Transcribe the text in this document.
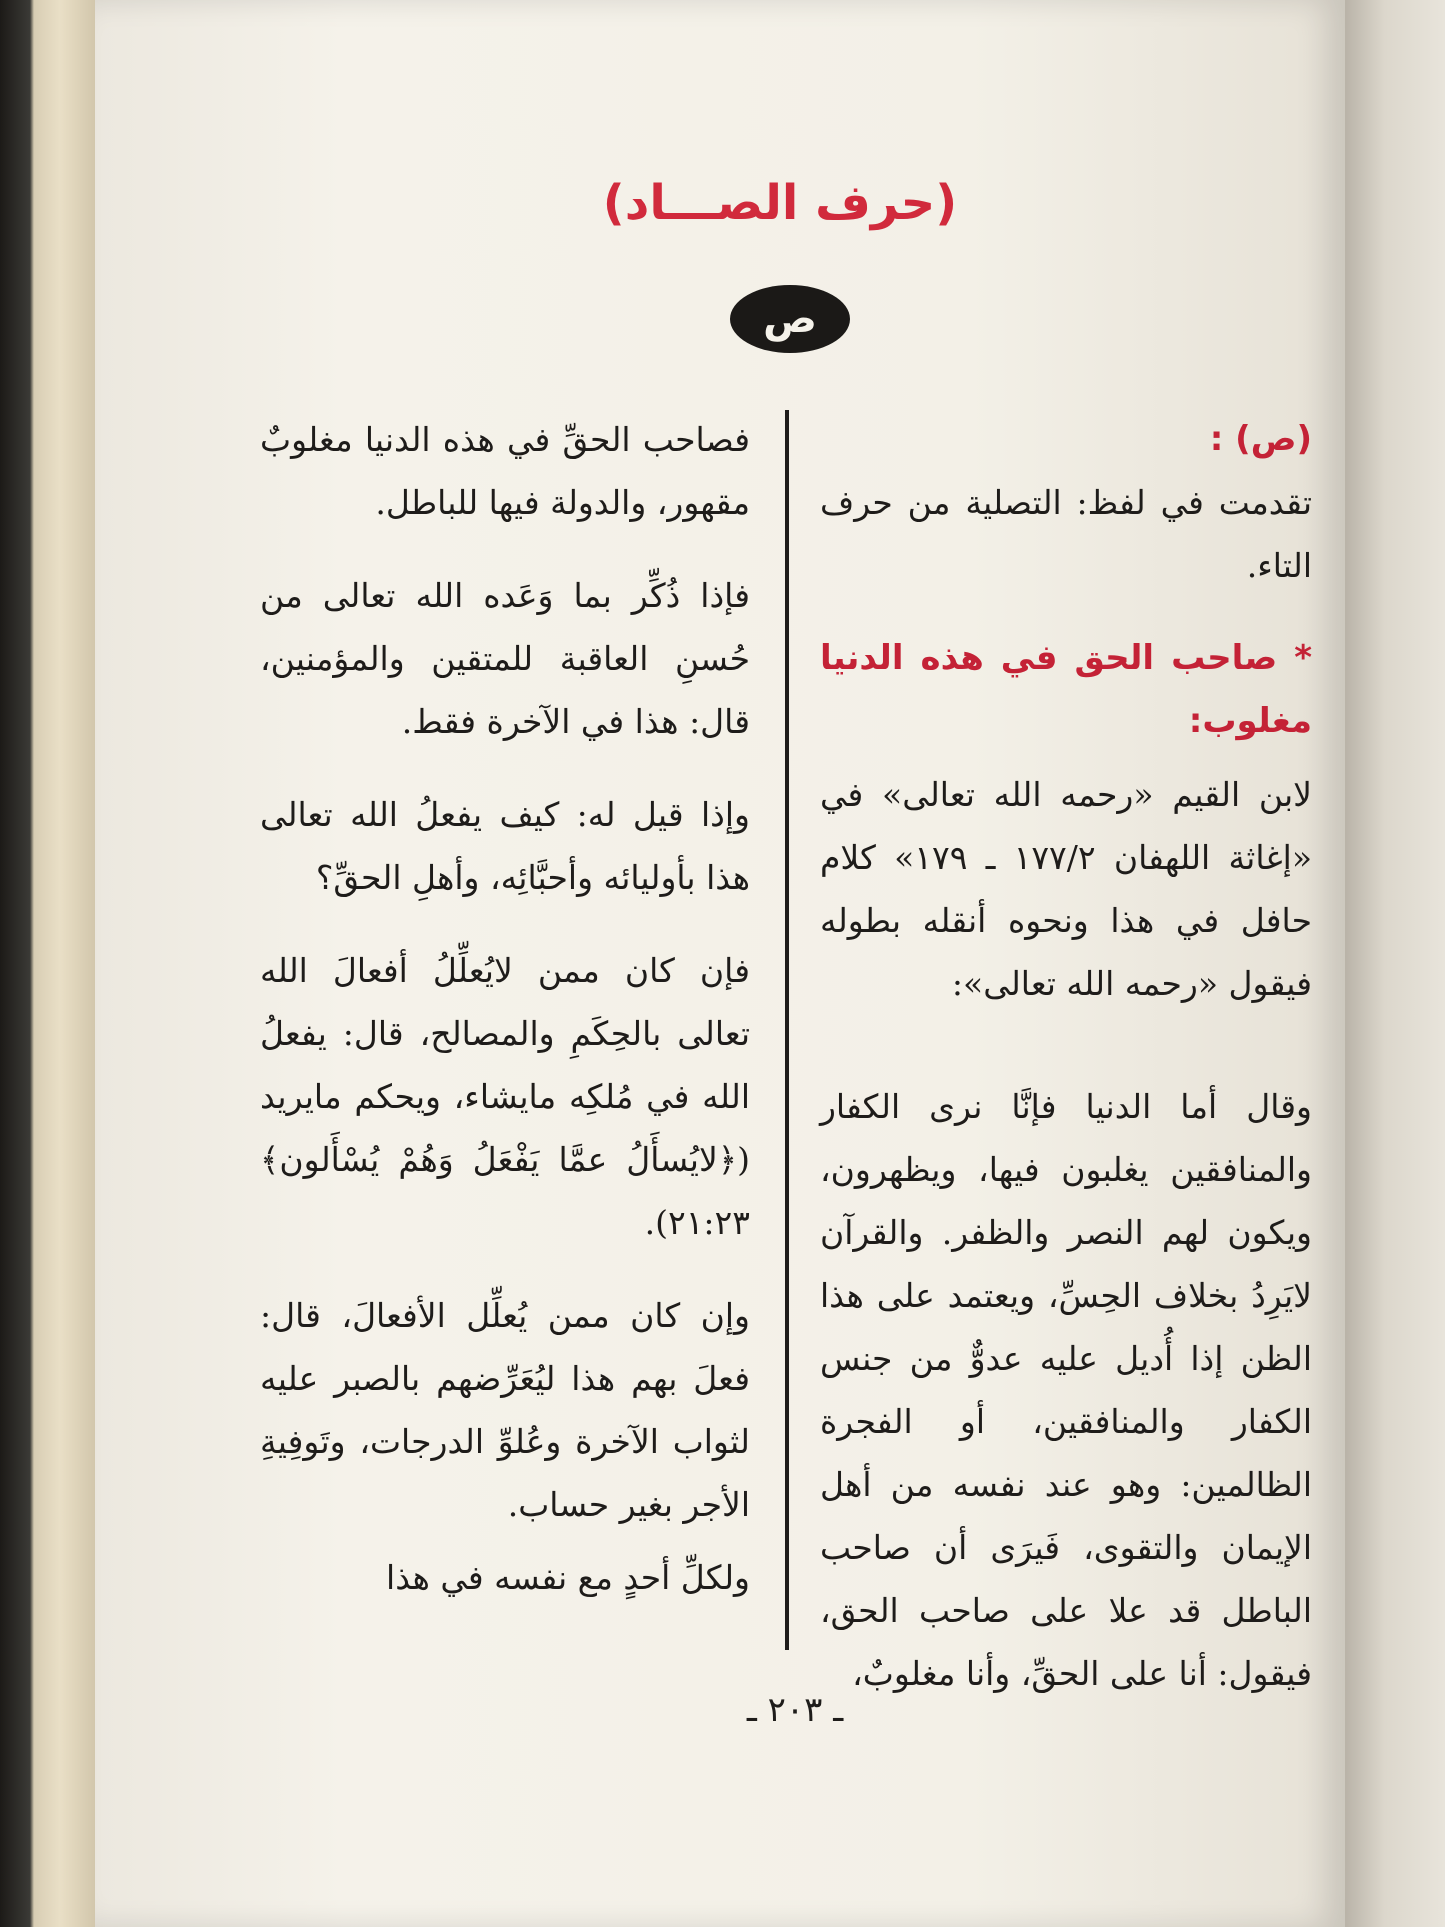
(حرف الصـــاد)
ص

(ص) :

تقدمت في لفظ: التصلية من حرف التاء.

* صاحب الحق في هذه الدنيا مغلوب:

لابن القيم «رحمه الله تعالى» في «إغاثة اللهفان ١٧٧/٢ ـ ١٧٩» كلام حافل في هذا ونحوه أنقله بطوله فيقول «رحمه الله تعالى»:

وقال أما الدنيا فإنَّا نرى الكفار والمنافقين يغلبون فيها، ويظهرون، ويكون لهم النصر والظفر. والقرآن لايَرِدُ بخلاف الحِسِّ، ويعتمد على هذا الظن إذا أُديل عليه عدوٌّ من جنس الكفار والمنافقين، أو الفجرة الظالمين: وهو عند نفسه من أهل الإيمان والتقوى، فَيرَى أن صاحب الباطل قد علا على صاحب الحق، فيقول: أنا على الحقِّ، وأنا مغلوبٌ،

فصاحب الحقِّ في هذه الدنيا مغلوبٌ مقهور، والدولة فيها للباطل.

فإذا ذُكِّر بما وَعَده الله تعالى من حُسنِ العاقبة للمتقين والمؤمنين، قال: هذا في الآخرة فقط.

وإذا قيل له: كيف يفعلُ الله تعالى هذا بأوليائه وأحبَّائِه، وأهلِ الحقِّ؟

فإن كان ممن لايُعلِّلُ أفعالَ الله تعالى بالحِكَمِ والمصالح، قال: يفعلُ الله في مُلكِه مايشاء، ويحكم مايريد (﴿لايُسأَلُ عمَّا يَفْعَلُ وَهُمْ يُسْأَلون﴾ ٢١:٢٣).

وإن كان ممن يُعلِّل الأفعالَ، قال: فعلَ بهم هذا ليُعَرِّضهم بالصبر عليه لثواب الآخرة وعُلوِّ الدرجات، وتَوفِيةِ الأجر بغير حساب.

ولكلِّ أحدٍ مع نفسه في هذا

ـ ٢٠٣ ـ
